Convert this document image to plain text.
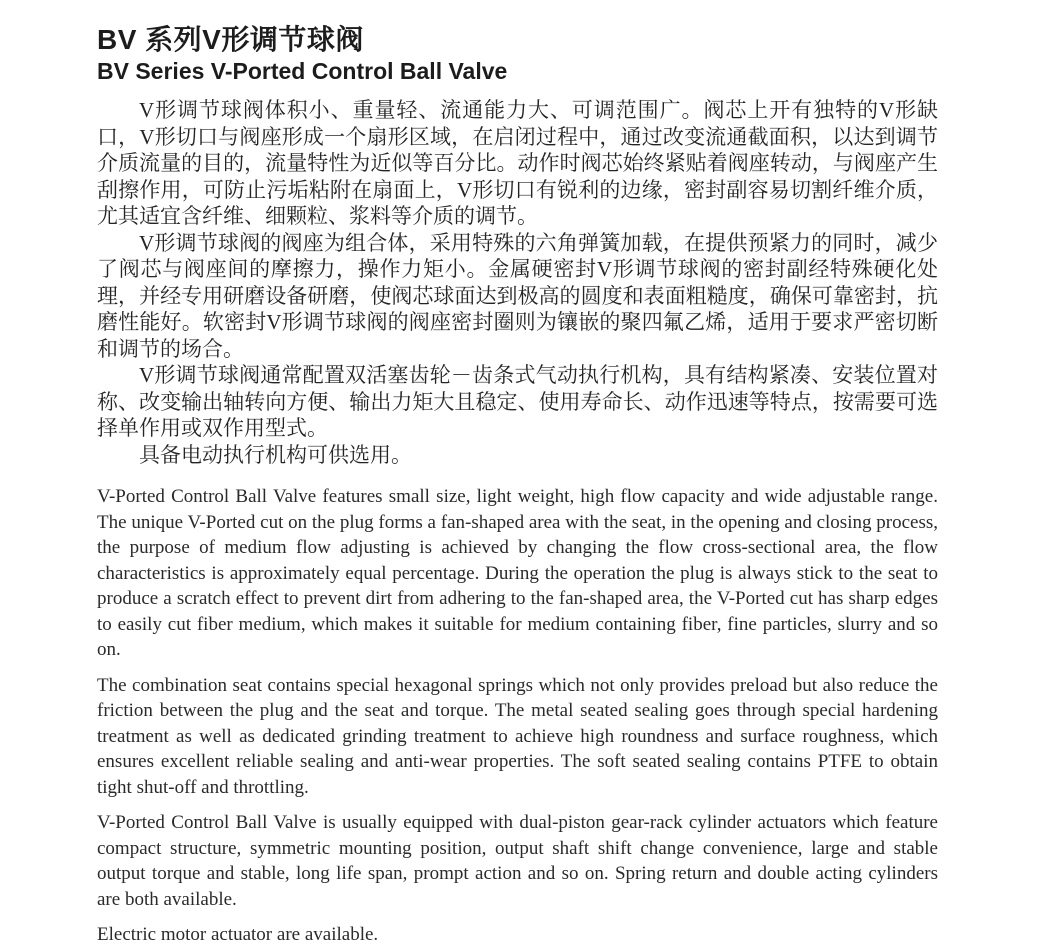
BV 系列V形调节球阀
BV Series V-Ported Control Ball Valve

V形调节球阀体积小、重量轻、流通能力大、可调范围广。阀芯上开有独特的V形缺口，V形切口与阀座形成一个扇形区域，在启闭过程中，通过改变流通截面积，以达到调节介质流量的目的，流量特性为近似等百分比。动作时阀芯始终紧贴着阀座转动，与阀座产生刮擦作用，可防止污垢粘附在扇面上，V形切口有锐利的边缘，密封副容易切割纤维介质，尤其适宜含纤维、细颗粒、浆料等介质的调节。

V形调节球阀的阀座为组合体，采用特殊的六角弹簧加载，在提供预紧力的同时，减少了阀芯与阀座间的摩擦力，操作力矩小。金属硬密封V形调节球阀的密封副经特殊硬化处理，并经专用研磨设备研磨，使阀芯球面达到极高的圆度和表面粗糙度，确保可靠密封，抗磨性能好。软密封V形调节球阀的阀座密封圈则为镶嵌的聚四氟乙烯，适用于要求严密切断和调节的场合。

V形调节球阀通常配置双活塞齿轮－齿条式气动执行机构，具有结构紧凑、安装位置对称、改变输出轴转向方便、输出力矩大且稳定、使用寿命长、动作迅速等特点，按需要可选择单作用或双作用型式。

具备电动执行机构可供选用。

V-Ported Control Ball Valve features small size, light weight, high flow capacity and wide adjustable range. The unique V-Ported cut on the plug forms a fan-shaped area with the seat, in the opening and closing process, the purpose of medium flow adjusting is achieved by changing the flow cross-sectional area, the flow characteristics is approximately equal percentage. During the operation the plug is always stick to the seat to produce a scratch effect to prevent dirt from adhering to the fan-shaped area, the V-Ported cut has sharp edges to easily cut fiber medium, which makes it suitable for medium containing fiber, fine particles, slurry and so on.

The combination seat contains special hexagonal springs which not only provides preload but also reduce the friction between the plug and the seat and torque. The metal seated sealing goes through special hardening treatment as well as dedicated grinding treatment to achieve high roundness and surface roughness, which ensures excellent reliable sealing and anti-wear properties. The soft seated sealing contains PTFE to obtain tight shut-off and throttling.

V-Ported Control Ball Valve is usually equipped with dual-piston gear-rack cylinder actuators which feature compact structure, symmetric mounting position, output shaft shift change convenience, large and stable output torque and stable, long life span, prompt action and so on. Spring return and double acting cylinders are both available.

Electric motor actuator are available.
